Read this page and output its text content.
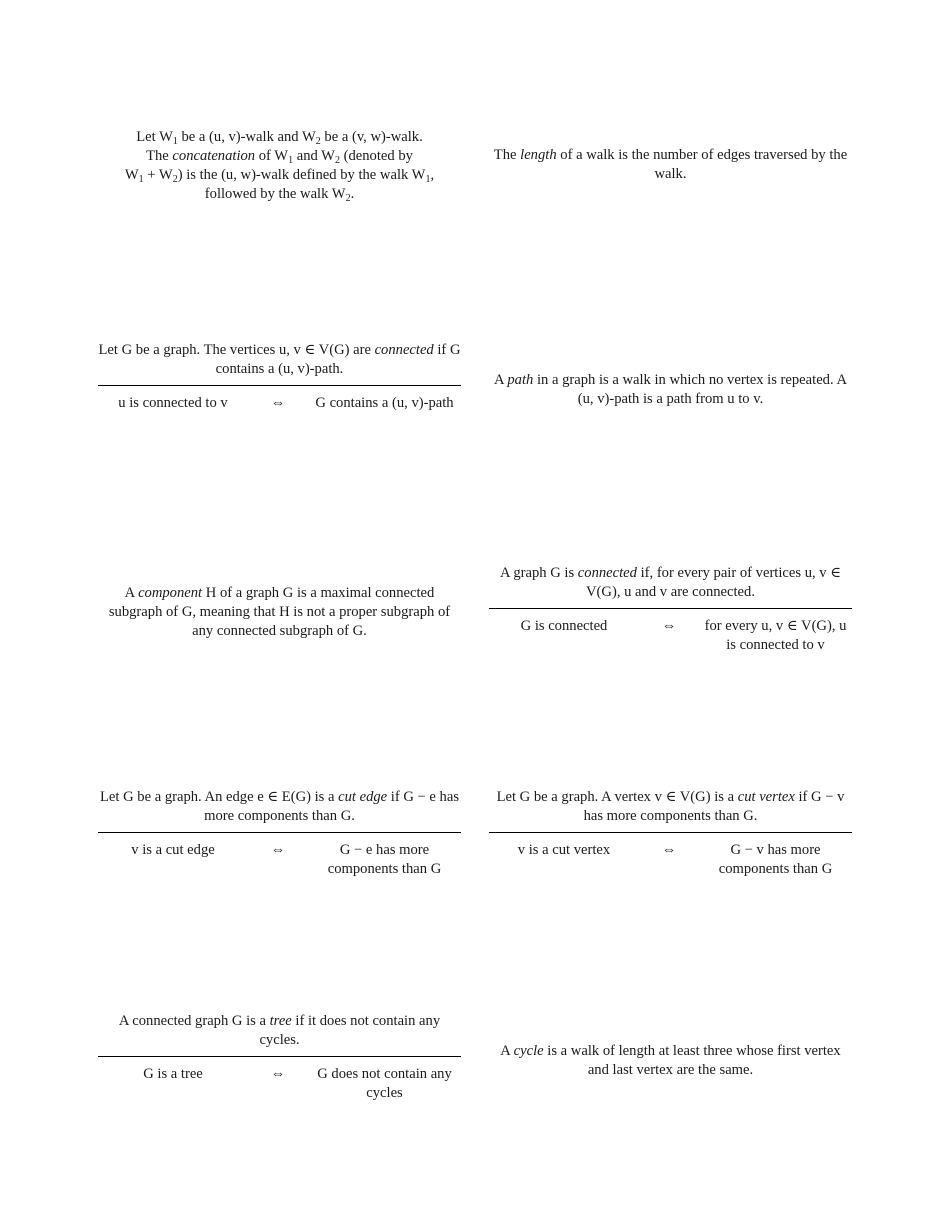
Let $W_1$ be a (u, v)-walk and $W_2$ be a (v, w)-walk.
The concatenation of $W_1$ and $W_2$ (denoted by
$W_1 + W_2$) is the (u, w)-walk defined by the walk $W_1$,
followed by the walk $W_2$.
The length of a walk is the number of edges traversed by the walk.
Let G be a graph. The vertices u, v ∈ V(G) are connected if G contains a (u, v)-path.
u is connected to v	⇔	G contains a (u, v)-path
A path in a graph is a walk in which no vertex is repeated. A (u, v)-path is a path from u to v.
A component H of a graph G is a maximal connected subgraph of G, meaning that H is not a proper subgraph of any connected subgraph of G.
A graph G is connected if, for every pair of vertices u, v ∈ V(G), u and v are connected.
G is connected	⇔	for every u, v ∈ V(G), u is connected to v
Let G be a graph. An edge e ∈ E(G) is a cut edge if G − e has more components than G.
v is a cut edge	⇔	G − e has more components than G
Let G be a graph. A vertex v ∈ V(G) is a cut vertex if G − v has more components than G.
v is a cut vertex	⇔	G − v has more components than G
A connected graph G is a tree if it does not contain any cycles.
G is a tree	⇔	G does not contain any cycles
A cycle is a walk of length at least three whose first vertex and last vertex are the same.
